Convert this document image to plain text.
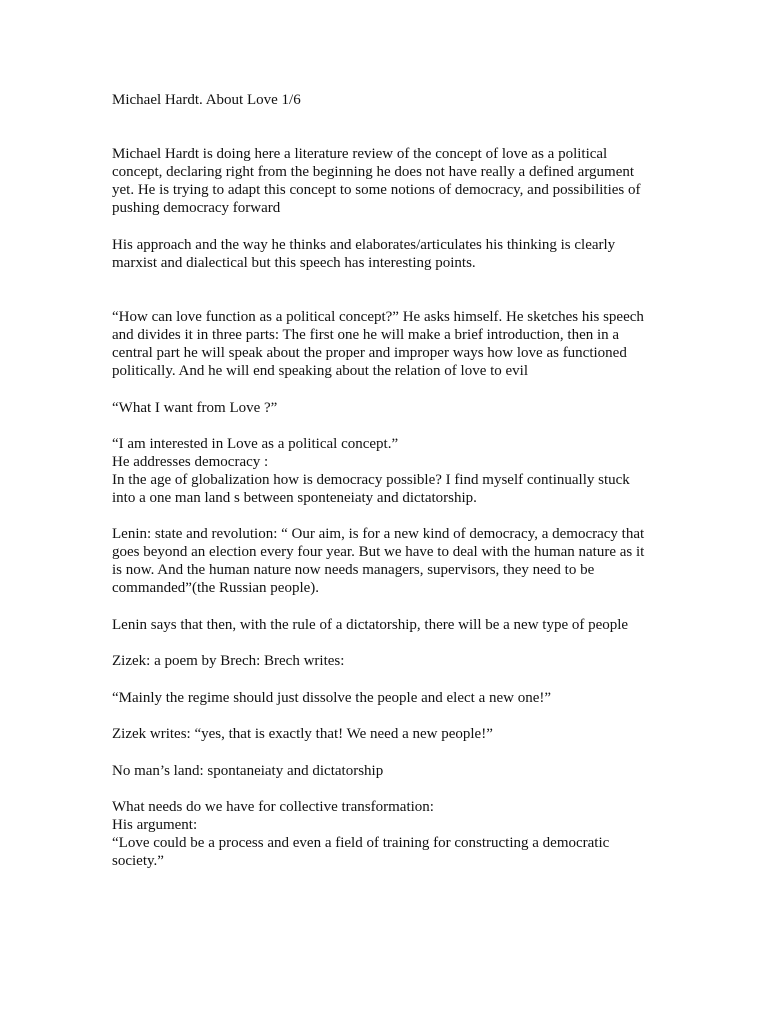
Michael Hardt. About Love 1/6

Michael Hardt is doing here a literature review of the concept of love as a political
concept, declaring right from the beginning he does not have really a defined argument
yet. He is trying to adapt this concept to some notions of democracy, and possibilities of
pushing democracy forward

His approach and the way he thinks and elaborates/articulates his thinking is clearly
marxist and dialectical but this speech has interesting points.

“How can love function as a political concept?” He asks himself. He sketches his speech
and divides it in three parts: The first one he will make a brief introduction, then in a
central part he will speak about the proper and improper ways how love as functioned
politically. And he will end speaking about the relation of love to evil

“What I want from Love ?”

“I am interested in Love as a political concept.”
He addresses democracy :
In the age of globalization how is democracy possible? I find myself continually stuck
into a one man land s between sponteneiaty and dictatorship.

Lenin: state and revolution: “ Our aim, is for a new kind of democracy, a democracy that
goes beyond an election every four year. But we have to deal with the human nature as it
is now. And the human nature now needs managers, supervisors, they need to be
commanded”(the Russian people).

Lenin says that then, with the rule of a dictatorship, there will be a new type of people

Zizek: a poem by Brech: Brech writes:

“Mainly the regime should just dissolve the people and elect a new one!”

Zizek writes: “yes, that is exactly that! We need a new people!”

No man’s land: spontaneiaty and dictatorship

What needs do we have for collective transformation:
His argument:
“Love could be a process and even a field of training for constructing a democratic
society.”
